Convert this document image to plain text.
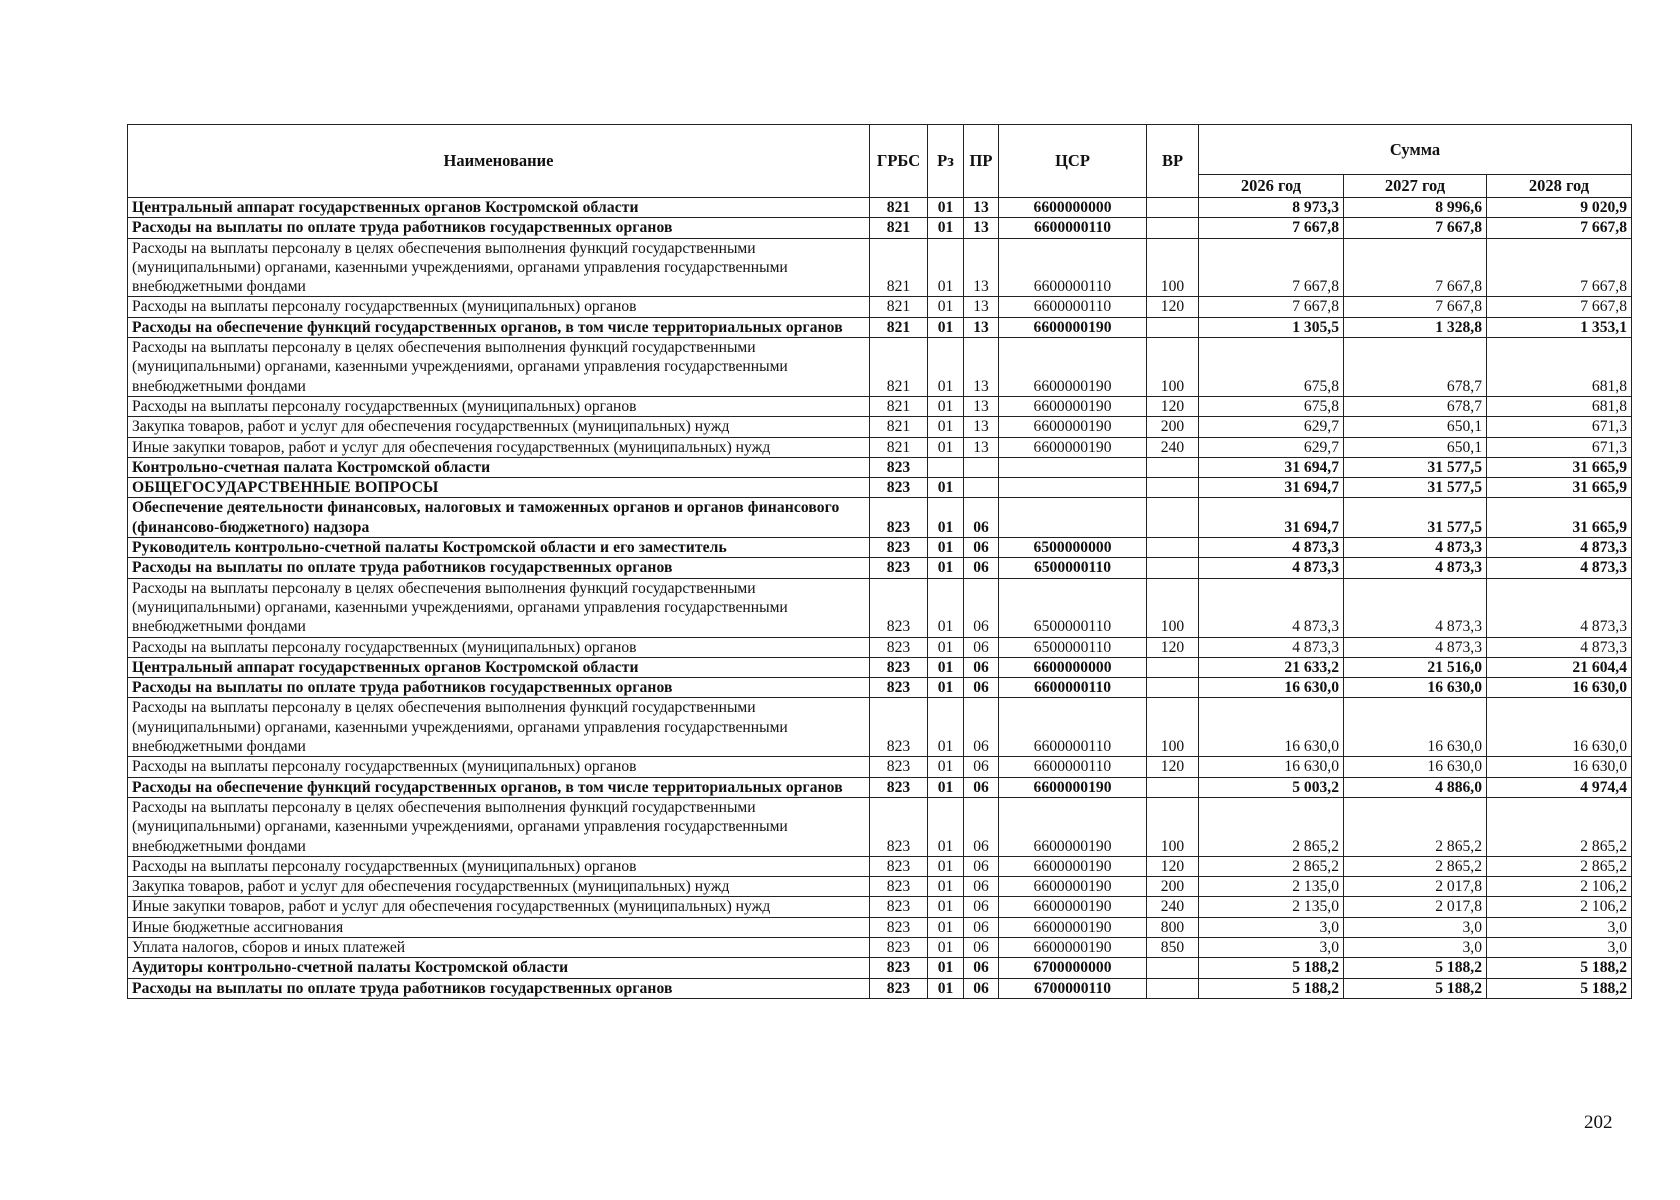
Наименование	ГРБС	Рз	ПР	ЦСР	ВР	Сумма		
						2026 год	2027 год	2028 год
Центральный аппарат государственных органов Костромской области	821	01	13	6600000000		8 973,3	8 996,6	9 020,9
Расходы на выплаты по оплате труда работников государственных органов	821	01	13	6600000110		7 667,8	7 667,8	7 667,8
Расходы на выплаты персоналу в целях обеспечения выполнения функций государственными (муниципальными) органами, казенными учреждениями, органами управления государственными внебюджетными фондами	821	01	13	6600000110	100	7 667,8	7 667,8	7 667,8
Расходы на выплаты персоналу государственных (муниципальных) органов	821	01	13	6600000110	120	7 667,8	7 667,8	7 667,8
Расходы на обеспечение функций государственных органов, в том числе территориальных органов	821	01	13	6600000190		1 305,5	1 328,8	1 353,1
Расходы на выплаты персоналу в целях обеспечения выполнения функций государственными (муниципальными) органами, казенными учреждениями, органами управления государственными внебюджетными фондами	821	01	13	6600000190	100	675,8	678,7	681,8
Расходы на выплаты персоналу государственных (муниципальных) органов	821	01	13	6600000190	120	675,8	678,7	681,8
Закупка товаров, работ и услуг для обеспечения государственных (муниципальных) нужд	821	01	13	6600000190	200	629,7	650,1	671,3
Иные закупки товаров, работ и услуг для обеспечения государственных (муниципальных) нужд	821	01	13	6600000190	240	629,7	650,1	671,3
Контрольно-счетная палата Костромской области	823					31 694,7	31 577,5	31 665,9
ОБЩЕГОСУДАРСТВЕННЫЕ ВОПРОСЫ	823	01				31 694,7	31 577,5	31 665,9
Обеспечение деятельности финансовых, налоговых и таможенных органов и органов финансового (финансово-бюджетного) надзора	823	01	06			31 694,7	31 577,5	31 665,9
Руководитель контрольно-счетной палаты Костромской области и его заместитель	823	01	06	6500000000		4 873,3	4 873,3	4 873,3
Расходы на выплаты по оплате труда работников государственных органов	823	01	06	6500000110		4 873,3	4 873,3	4 873,3
Расходы на выплаты персоналу в целях обеспечения выполнения функций государственными (муниципальными) органами, казенными учреждениями, органами управления государственными внебюджетными фондами	823	01	06	6500000110	100	4 873,3	4 873,3	4 873,3
Расходы на выплаты персоналу государственных (муниципальных) органов	823	01	06	6500000110	120	4 873,3	4 873,3	4 873,3
Центральный аппарат государственных органов Костромской области	823	01	06	6600000000		21 633,2	21 516,0	21 604,4
Расходы на выплаты по оплате труда работников государственных органов	823	01	06	6600000110		16 630,0	16 630,0	16 630,0
Расходы на выплаты персоналу в целях обеспечения выполнения функций государственными (муниципальными) органами, казенными учреждениями, органами управления государственными внебюджетными фондами	823	01	06	6600000110	100	16 630,0	16 630,0	16 630,0
Расходы на выплаты персоналу государственных (муниципальных) органов	823	01	06	6600000110	120	16 630,0	16 630,0	16 630,0
Расходы на обеспечение функций государственных органов, в том числе территориальных органов	823	01	06	6600000190		5 003,2	4 886,0	4 974,4
Расходы на выплаты персоналу в целях обеспечения выполнения функций государственными (муниципальными) органами, казенными учреждениями, органами управления государственными внебюджетными фондами	823	01	06	6600000190	100	2 865,2	2 865,2	2 865,2
Расходы на выплаты персоналу государственных (муниципальных) органов	823	01	06	6600000190	120	2 865,2	2 865,2	2 865,2
Закупка товаров, работ и услуг для обеспечения государственных (муниципальных) нужд	823	01	06	6600000190	200	2 135,0	2 017,8	2 106,2
Иные закупки товаров, работ и услуг для обеспечения государственных (муниципальных) нужд	823	01	06	6600000190	240	2 135,0	2 017,8	2 106,2
Иные бюджетные ассигнования	823	01	06	6600000190	800	3,0	3,0	3,0
Уплата налогов, сборов и иных платежей	823	01	06	6600000190	850	3,0	3,0	3,0
Аудиторы контрольно-счетной палаты Костромской области	823	01	06	6700000000		5 188,2	5 188,2	5 188,2
Расходы на выплаты по оплате труда работников государственных органов	823	01	06	6700000110		5 188,2	5 188,2	5 188,2
202
